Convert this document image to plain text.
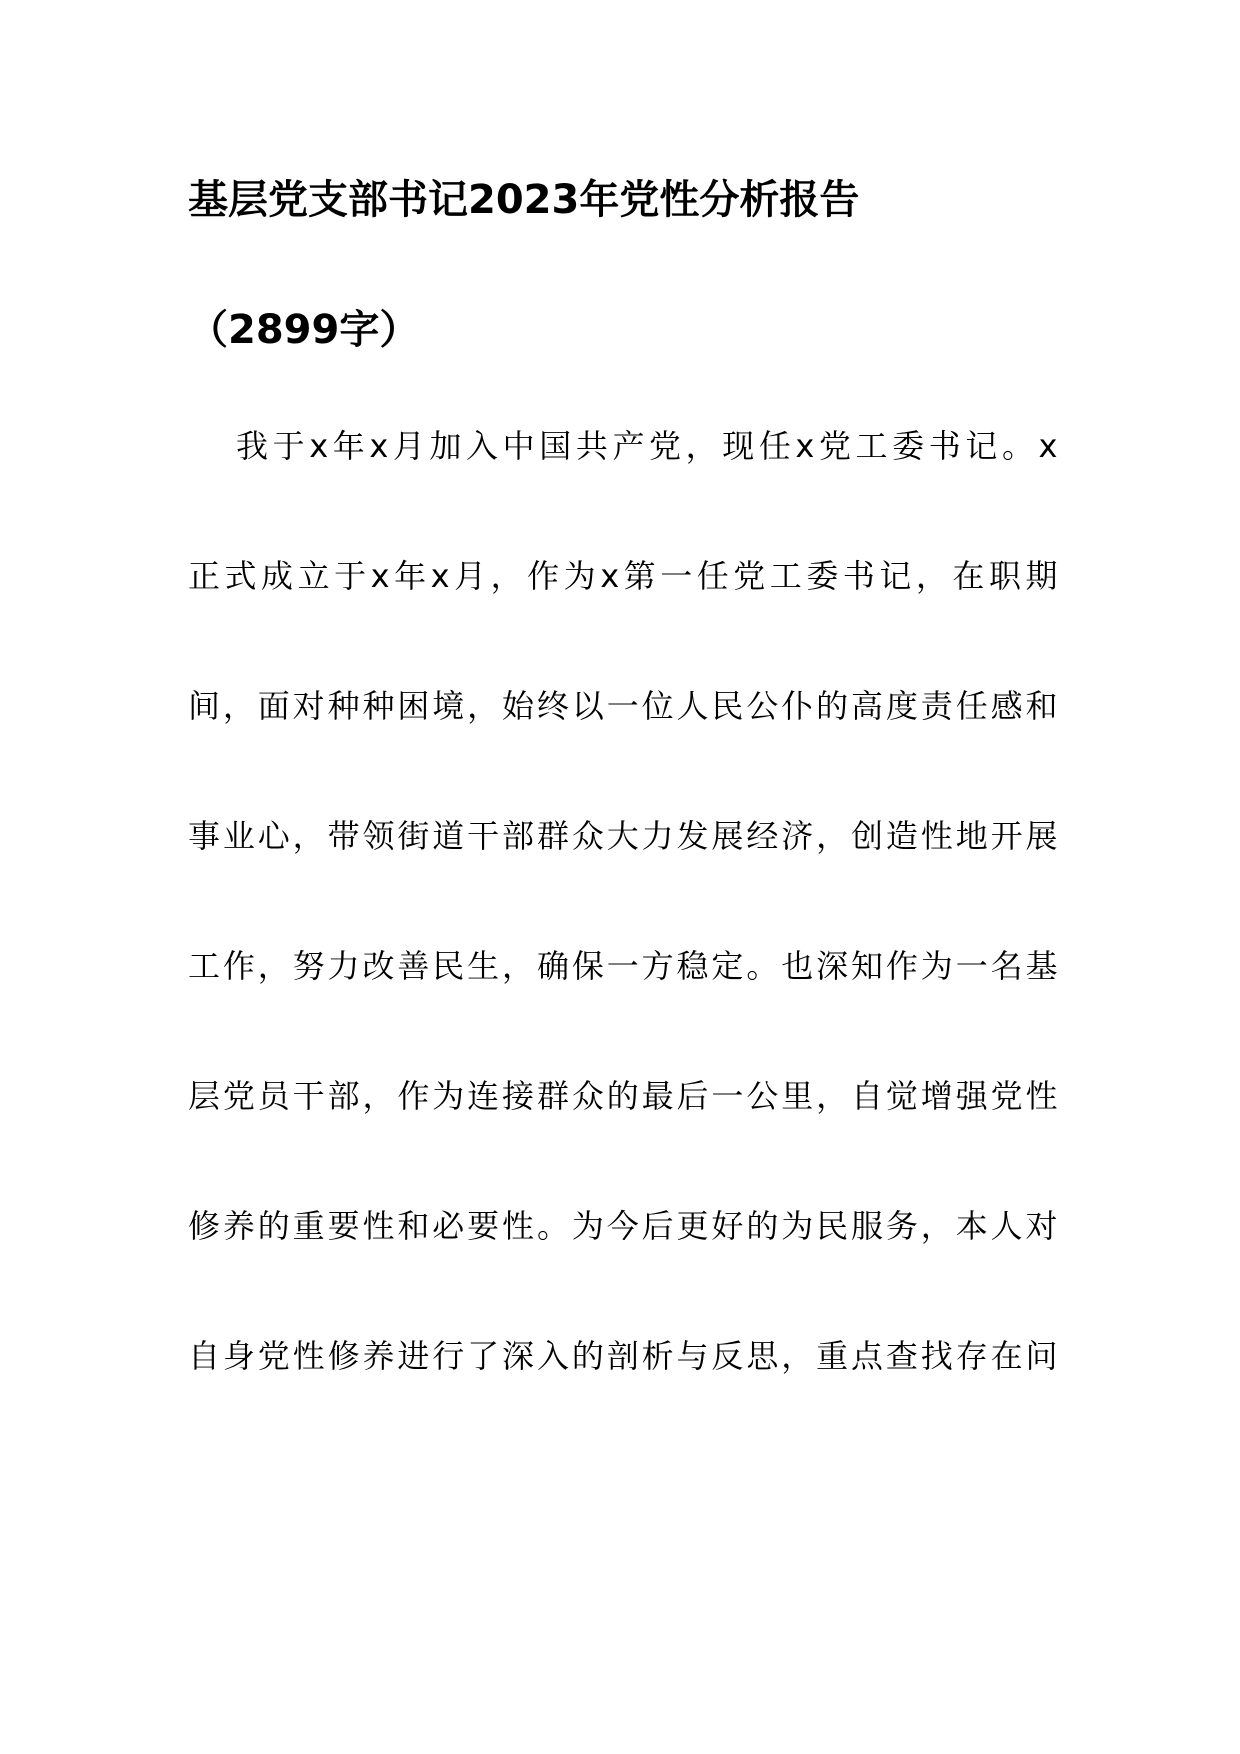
基层党支部书记2023年党性分析报告
（2899字）
我于x年x月加入中国共产党，现任x党工委书记。x
正式成立于x年x月，作为x第一任党工委书记，在职期
间，面对种种困境，始终以一位人民公仆的高度责任感和
事业心，带领街道干部群众大力发展经济，创造性地开展
工作，努力改善民生，确保一方稳定。也深知作为一名基
层党员干部，作为连接群众的最后一公里，自觉增强党性
修养的重要性和必要性。为今后更好的为民服务，本人对
自身党性修养进行了深入的剖析与反思，重点查找存在问
